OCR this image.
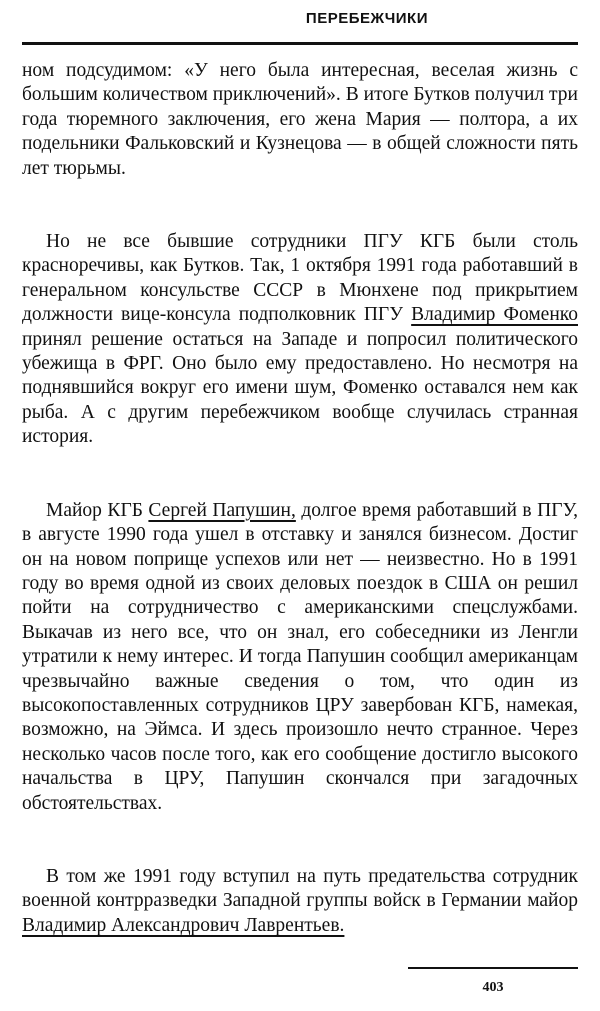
ПЕРЕБЕЖЧИКИ

ном подсудимом: «У него была интересная, веселая жизнь с большим количеством приключений». В итоге Бутков получил три года тюремного заключения, его жена Мария — полтора, а их подельники Фальковский и Кузнецова — в общей сложности пять лет тюрьмы.

Но не все бывшие сотрудники ПГУ КГБ были столь красноречивы, как Бутков. Так, 1 октября 1991 года работавший в генеральном консульстве СССР в Мюнхене под прикрытием должности вице-консула подполковник ПГУ Владимир Фоменко принял решение остаться на Западе и попросил политического убежища в ФРГ. Оно было ему предоставлено. Но несмотря на поднявшийся вокруг его имени шум, Фоменко оставался нем как рыба. А с другим перебежчиком вообще случилась странная история.

Майор КГБ Сергей Папушин, долгое время работавший в ПГУ, в августе 1990 года ушел в отставку и занялся бизнесом. Достиг он на новом поприще успехов или нет — неизвестно. Но в 1991 году во время одной из своих деловых поездок в США он решил пойти на сотрудничество с американскими спецслужбами. Выкачав из него все, что он знал, его собеседники из Ленгли утратили к нему интерес. И тогда Папушин сообщил американцам чрезвычайно важные сведения о том, что один из высокопоставленных сотрудников ЦРУ завербован КГБ, намекая, возможно, на Эймса. И здесь произошло нечто странное. Через несколько часов после того, как его сообщение достигло высокого начальства в ЦРУ, Папушин скончался при загадочных обстоятельствах.

В том же 1991 году вступил на путь предательства сотрудник военной контрразведки Западной группы войск в Германии майор Владимир Александрович Лаврентьев.

403
